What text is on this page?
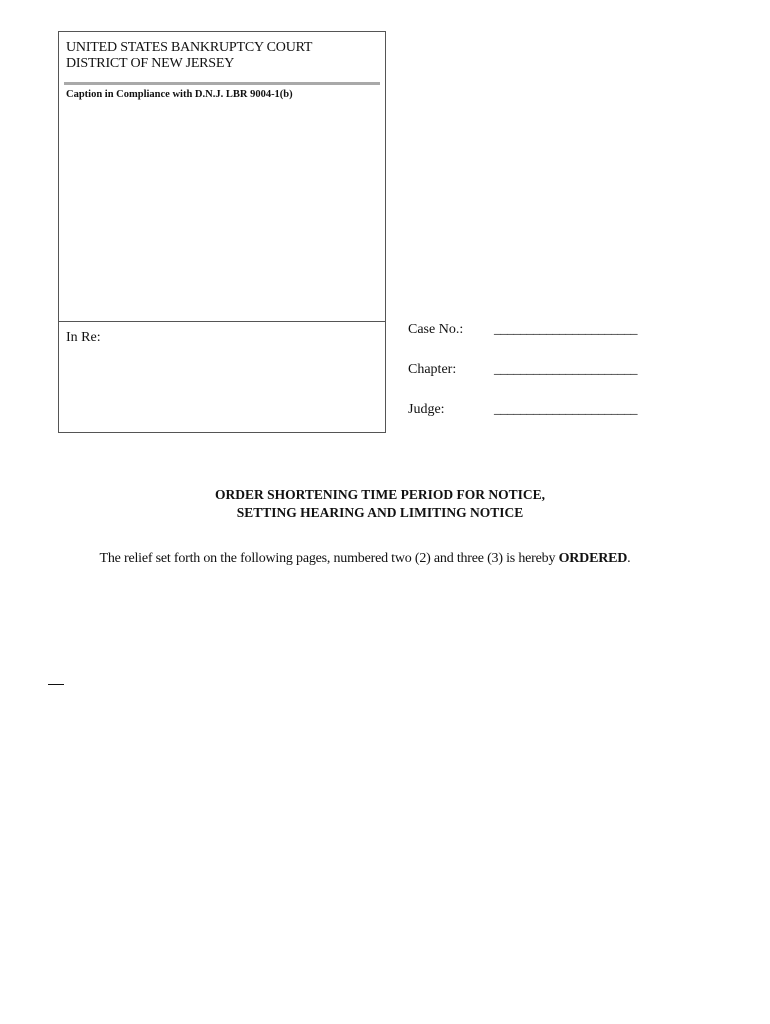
UNITED STATES BANKRUPTCY COURT
DISTRICT OF NEW JERSEY
Caption in Compliance with D.N.J. LBR 9004-1(b)
In Re:
Case No.: ______________________
Chapter:	______________________
Judge:	______________________
ORDER SHORTENING TIME PERIOD FOR NOTICE,
SETTING HEARING AND LIMITING NOTICE
The relief set forth on the following pages, numbered two (2) and three (3) is hereby ORDERED.
